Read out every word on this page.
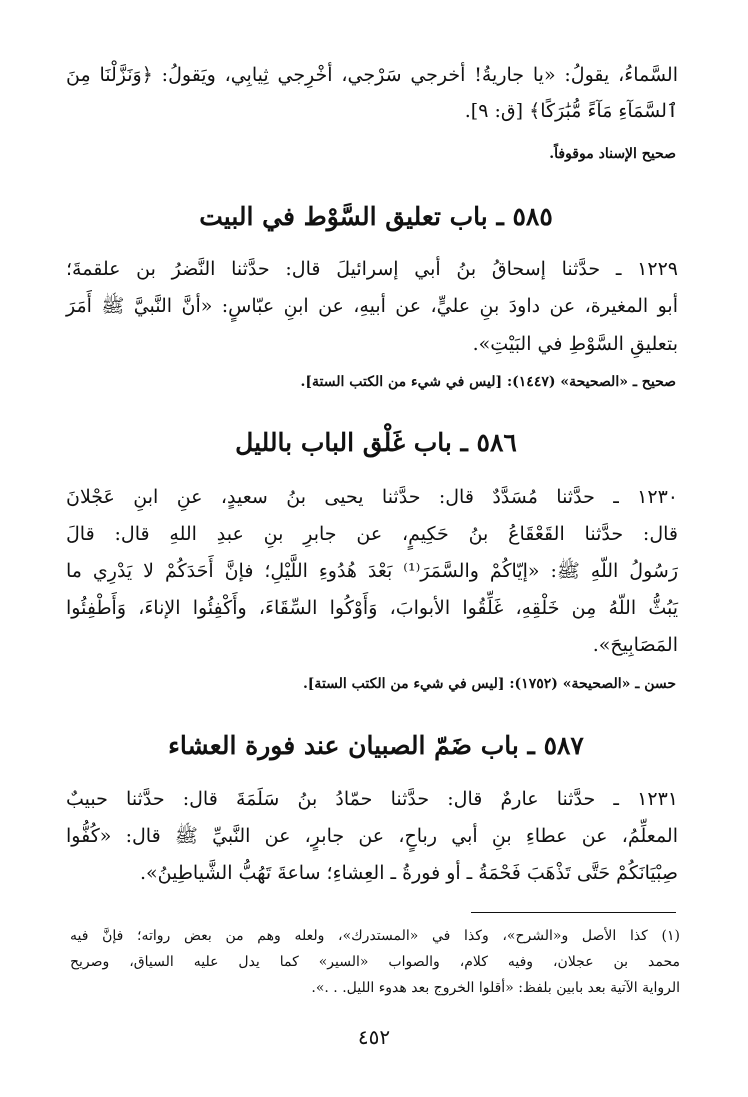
السَّماءُ، يقولُ: «يا جاريةُ! أخرجي سَرْجي، أخْرِجي ثِيابِي، ويَقولُ: ﴿وَنَزَّلْنَا مِنَ
ٱلسَّمَآءِ مَآءً مُّبَٰرَكًا﴾ [ق: ٩].
صحيح الإسناد موقوفاً.
٥٨٥ ـ باب تعليق السَّوْط في البيت
١٢٢٩ ـ حدَّثنا إسحاقُ بنُ أبي إسرائيلَ قال: حدَّثنا النَّضرُ بن علقمةَ؛
أبو المغيرة، عن داودَ بنِ عليٍّ، عن أبيهِ، عن ابنِ عبّاسٍ: «أنَّ النَّبيَّ ﷺ أَمَرَ
بتعليقِ السَّوْطِ في البَيْتِ».
صحيح ـ «الصحيحة» (١٤٤٧): [ليس في شيء من الكتب الستة].
٥٨٦ ـ باب غَلْق الباب بالليل
١٢٣٠ ـ حدَّثنا مُسَدَّدٌ قال: حدَّثنا يحيى بنُ سعيدٍ، عنِ ابنِ عَجْلانَ
قال: حدَّثنا القَعْقَاعُ بنُ حَكِيمٍ، عن جابرِ بنِ عبدِ اللهِ قال: قالَ
رَسُولُ اللّهِ ﷺ: «إيّاكُمْ والسَّمَرَ⁽¹⁾ بَعْدَ هُدُوءِ اللَّيْلِ؛ فإنَّ أَحَدَكُمْ لا يَدْرِي ما
يَبُثُّ اللّهُ مِن خَلْقِهِ، غَلِّقُوا الأبوابَ، وَأَوْكُوا السِّقَاءَ، وأَكْفِئُوا الإناءَ، وَأَطْفِئُوا
المَصَابِيحَ».
حسن ـ «الصحيحة» (١٧٥٢): [ليس في شيء من الكتب الستة].
٥٨٧ ـ باب ضَمّ الصبيان عند فورة العشاء
١٢٣١ ـ حدَّثنا عارمٌ قال: حدَّثنا حمّادُ بنُ سَلَمَةَ قال: حدَّثنا حبيبٌ
المعلِّمُ، عن عطاءِ بنِ أبي رباحٍ، عن جابرٍ، عن النَّبيِّ ﷺ قال: «كُفُّوا
صِبْيَانَكُمْ حَتَّى تَذْهَبَ فَحْمَةُ ـ أو فورةُ ـ العِشاءِ؛ ساعةَ تَهُبُّ الشَّياطِينُ».
(١) كذا الأصل و«الشرح»، وكذا في «المستدرك»، ولعله وهم من بعض رواته؛ فإنَّ فيه
محمد بن عجلان، وفيه كلام، والصواب «السير» كما يدل عليه السياق، وصريح
الرواية الآتية بعد بابين بلفظ: «أقلوا الخروج بعد هدوء الليل. . .».
٤٥٢
